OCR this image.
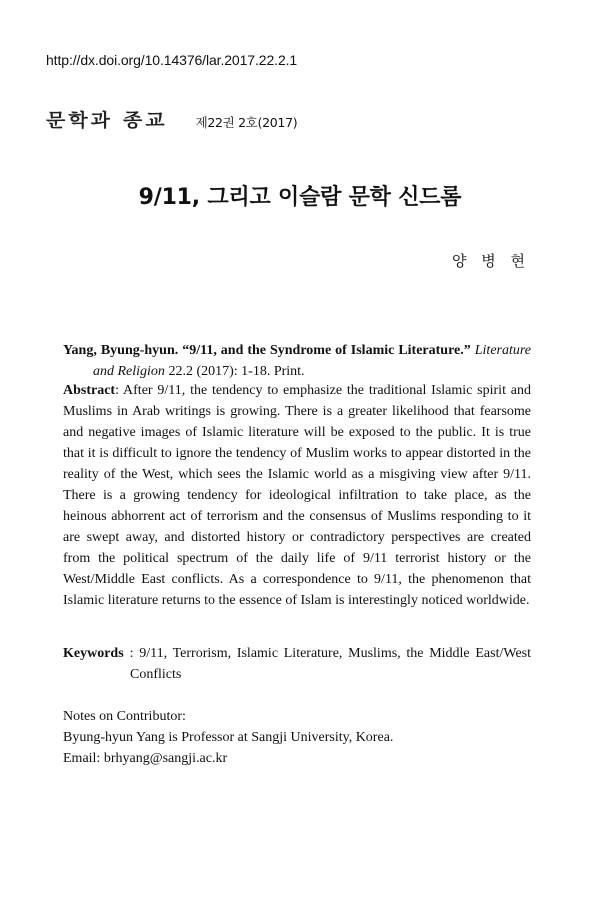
http://dx.doi.org/10.14376/lar.2017.22.2.1
문학과 종교 제22권 2호(2017)
9/11, 그리고 이슬람 문학 신드롬
양 병 현
Yang, Byung-hyun. “9/11, and the Syndrome of Islamic Literature.” Literature
and Religion 22.2 (2017): 1-18. Print.
Abstract: After 9/11, the tendency to emphasize the traditional Islamic spirit and Muslims in Arab writings is growing. There is a greater likelihood that fearsome and negative images of Islamic literature will be exposed to the public. It is true that it is difficult to ignore the tendency of Muslim works to appear distorted in the reality of the West, which sees the Islamic world as a misgiving view after 9/11. There is a growing tendency for ideological infiltration to take place, as the heinous abhorrent act of terrorism and the consensus of Muslims responding to it are swept away, and distorted history or contradictory perspectives are created from the political spectrum of the daily life of 9/11 terrorist history or the West/Middle East conflicts. As a correspondence to 9/11, the phenomenon that Islamic literature returns to the essence of Islam is interestingly noticed worldwide.
Keywords : 9/11, Terrorism, Islamic Literature, Muslims, the Middle East/West
Conflicts
Notes on Contributor:
Byung-hyun Yang is Professor at Sangji University, Korea.
Email: brhyang@sangji.ac.kr
